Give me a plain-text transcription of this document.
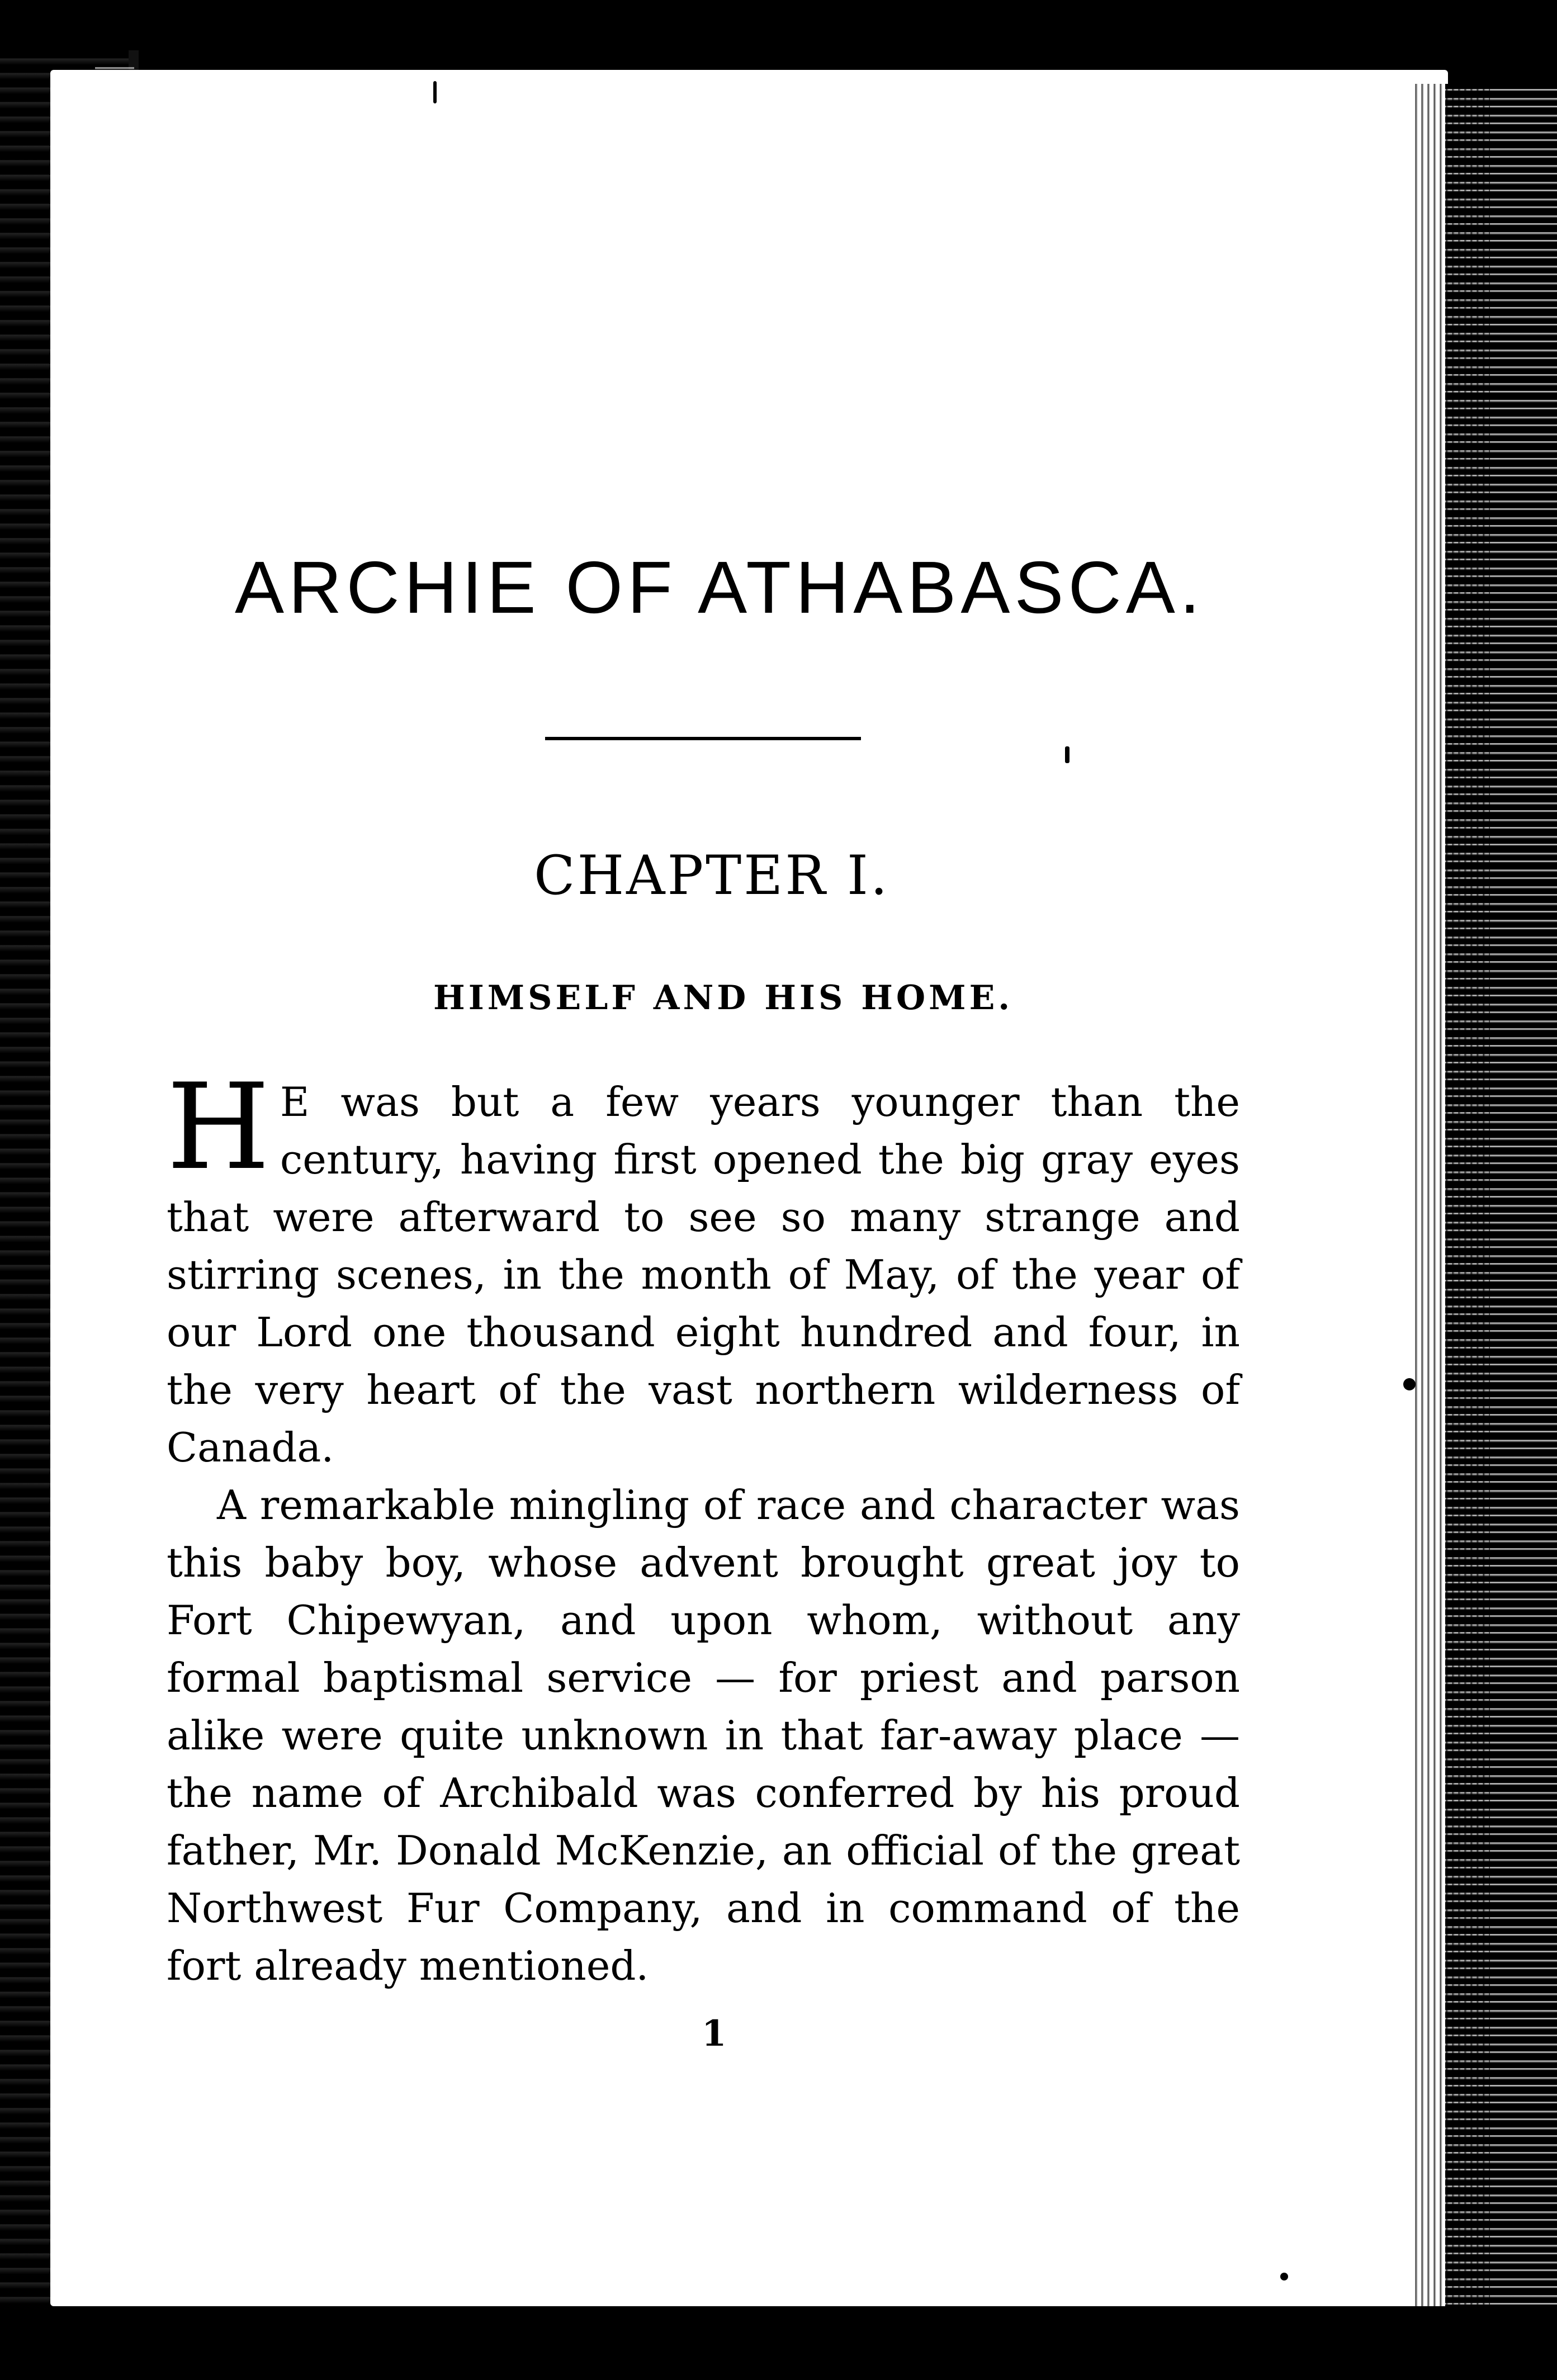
ARCHIE OF ATHABASCA.
CHAPTER I.
HIMSELF AND HIS HOME.

H E was but a few years younger than the century, having first opened the big gray eyes that were afterward to see so many strange and stirring scenes, in the month of May, of the year of our Lord one thousand eight hundred and four, in the very heart of the vast northern wilderness of Canada.

A remarkable mingling of race and character was this baby boy, whose advent brought great joy to Fort Chipewyan, and upon whom, without any formal baptismal service — for priest and parson alike were quite unknown in that far-away place — the name of Archibald was conferred by his proud father, Mr. Donald McKenzie, an official of the great Northwest Fur Company, and in command of the fort already mentioned.

1
